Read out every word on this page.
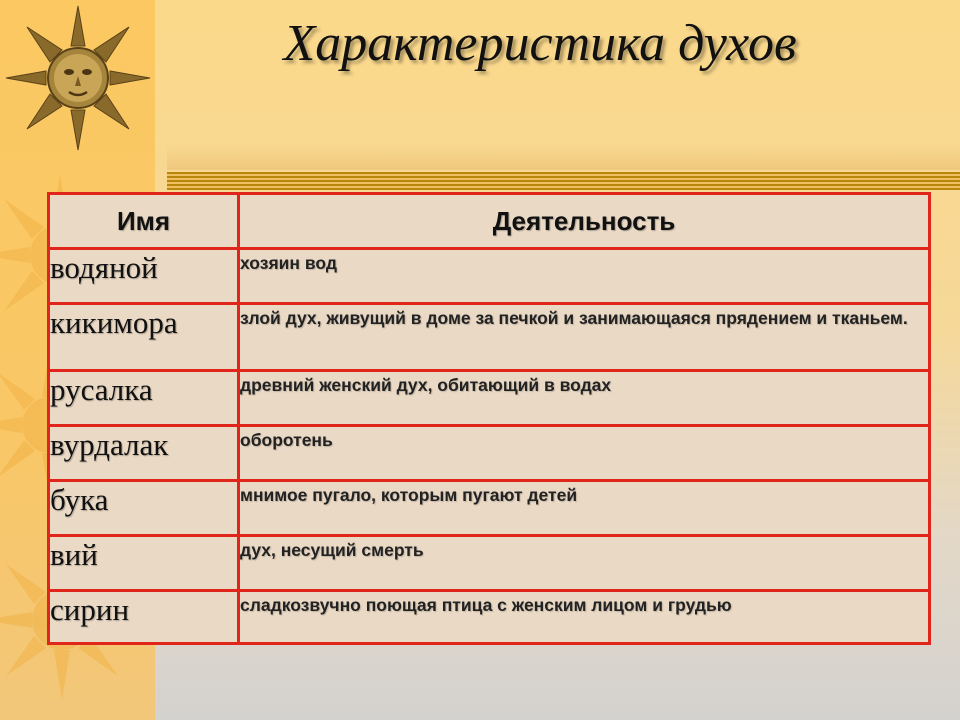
Характеристика духов
Имя	Деятельность
водяной	хозяин вод
кикимора	злой дух, живущий в доме за печкой и занимающаяся прядением и тканьем.
русалка	древний женский дух, обитающий в водах
вурдалак	оборотень
бука	мнимое пугало, которым пугают детей
вий	дух, несущий смерть
сирин	сладкозвучно поющая птица с женским лицом и грудью
